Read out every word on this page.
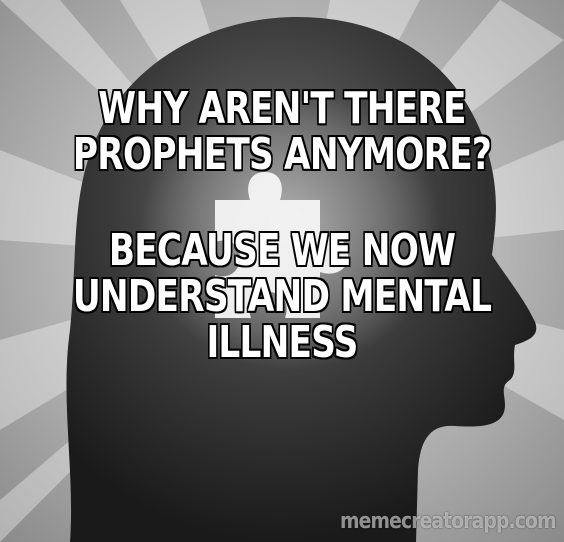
WHY AREN'T THERE
PROPHETS ANYMORE?
BECAUSE WE NOW
UNDERSTAND MENTAL
ILLNESS
memecreatorapp.com
